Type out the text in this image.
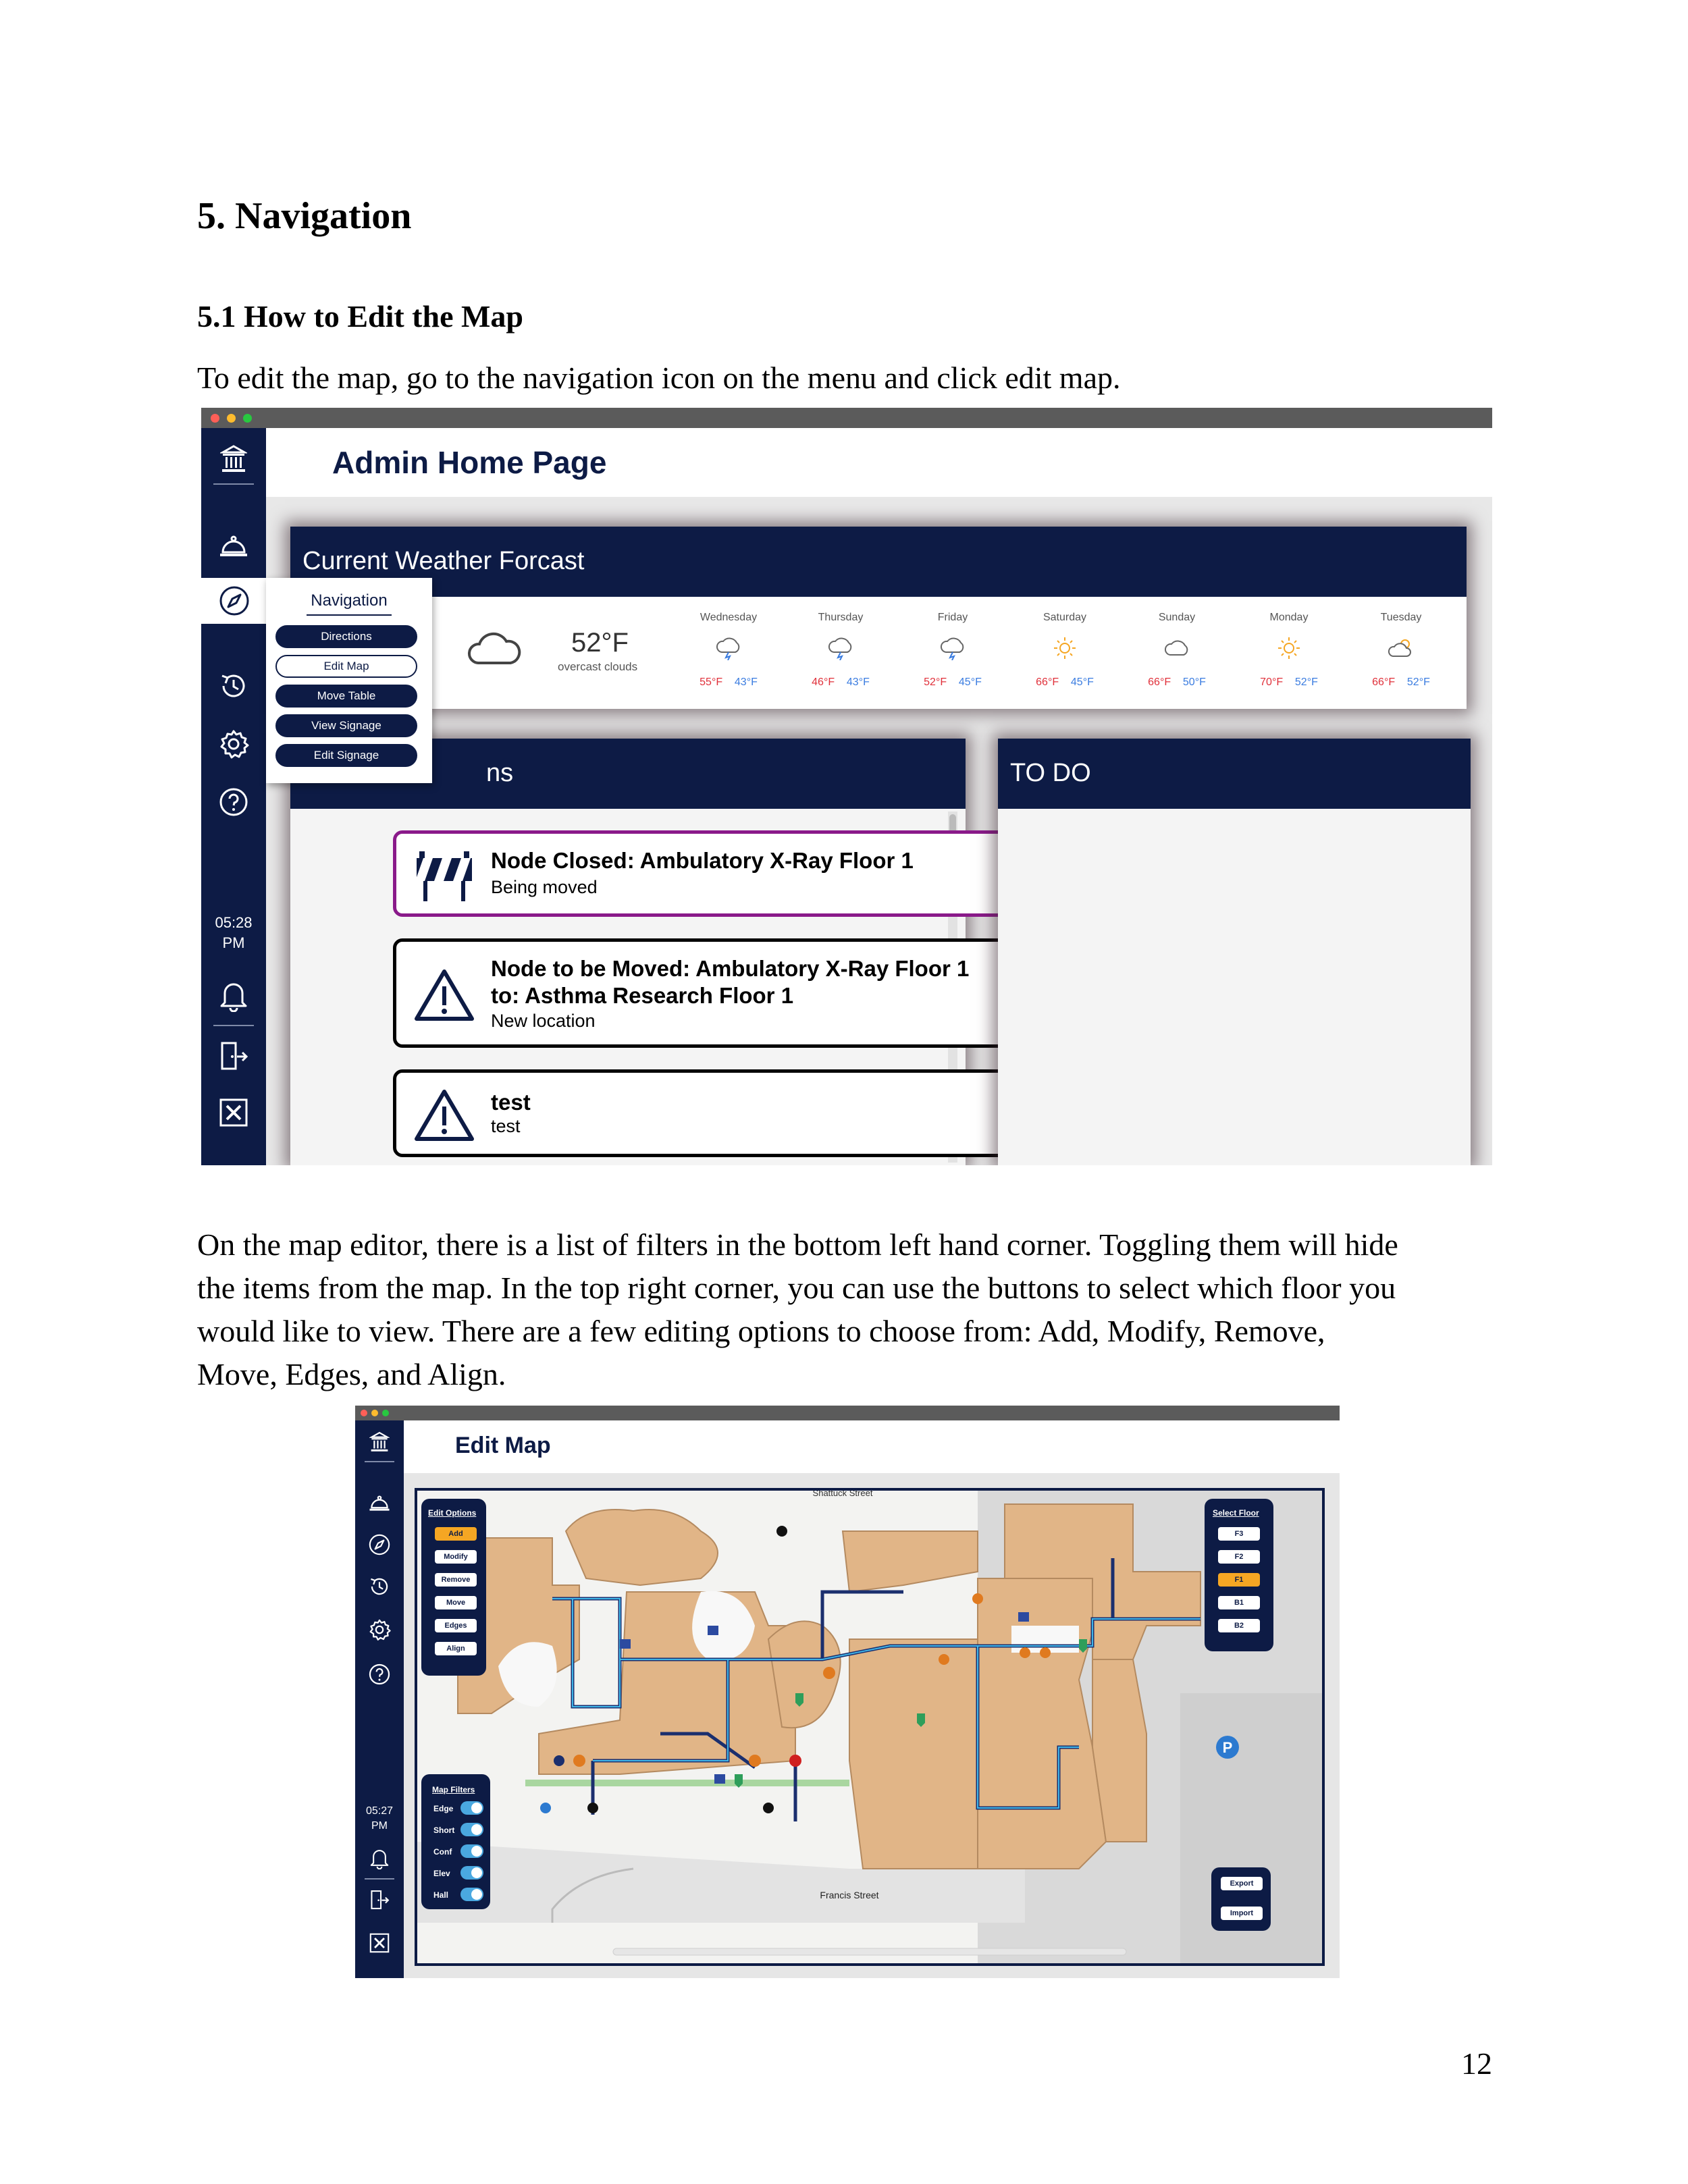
5. Navigation
5.1 How to Edit the Map
To edit the map, go to the navigation icon on the menu and click edit map.
Admin Home Page
Current Weather Forcast
52°F
overcast clouds
Wednesday
55°F 43°F
Thursday
46°F 43°F
Friday
52°F 45°F
Saturday
66°F 45°F
Sunday
66°F 50°F
Monday
70°F 52°F
Tuesday
66°F 52°F
ns
Node Closed: Ambulatory X-Ray Floor 1
Being moved
Node to be Moved: Ambulatory X-Ray Floor 1
to: Asthma Research Floor 1
New location
test
test
TO DO
05:28
PM
Navigation
Directions
Edit Map
Move Table
View Signage
Edit Signage
On the map editor, there is a list of filters in the bottom left hand corner. Toggling them will hide
the items from the map. In the top right corner, you can use the buttons to select which floor you
would like to view. There are a few editing options to choose from: Add, Modify, Remove,
Move, Edges, and Align.
05:27
PM
Edit Map
P
Shattuck Street
Francis Street
Edit Options
Add
Modify
Remove
Move
Edges
Align
Select Floor
F3
F2
F1
B1
B2
Map Filters
Edge
Short
Conf
Elev
Hall
Export
Import
12
